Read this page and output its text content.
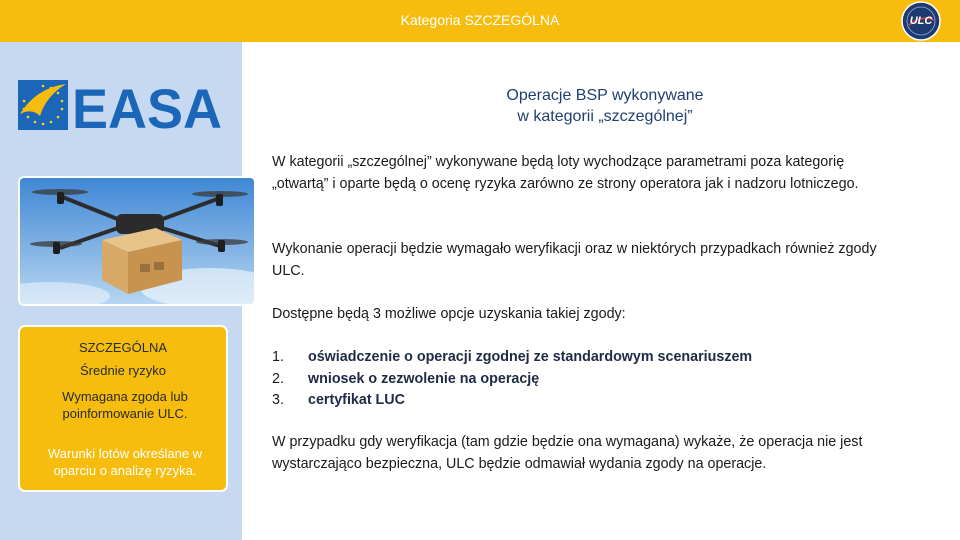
Kategoria SZCZEGÓLNA	ULC
EASA
SZCZEGÓLNA
Średnie ryzyko
Wymagana zgoda lub poinformowanie ULC.
Warunki lotów określane w oparciu o analizę ryzyka.
Operacje BSP wykonywane
w kategorii „szczególnej”

W kategorii „szczególnej” wykonywane będą loty wychodzące parametrami poza kategorię „otwartą” i oparte będą o ocenę ryzyka zarówno ze strony operatora jak i nadzoru lotniczego.

Wykonanie operacji będzie wymagało weryfikacji oraz w niektórych przypadkach również zgody ULC.

Dostępne będą 3 możliwe opcje uzyskania takiej zgody:

1. oświadczenie o operacji zgodnej ze standardowym scenariuszem
2. wniosek o zezwolenie na operację
3. certyfikat LUC

W przypadku gdy weryfikacja (tam gdzie będzie ona wymagana) wykaże, że operacja nie jest wystarczająco bezpieczna, ULC będzie odmawiał wydania zgody na operacje.
